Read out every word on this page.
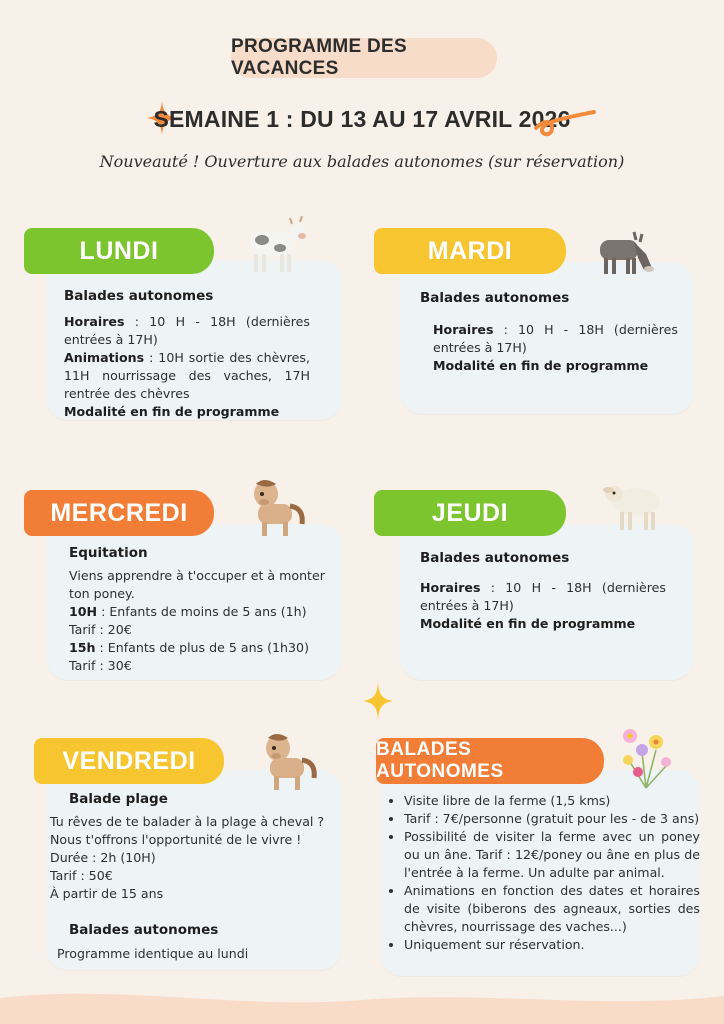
PROGRAMME DES VACANCES
SEMAINE 1 : DU 13 AU 17 AVRIL 2026
Nouveauté ! Ouverture aux balades autonomes (sur réservation)
LUNDI
Balades autonomes
Horaires : 10 H - 18H (dernières entrées à 17H)
Animations : 10H sortie des chèvres, 11H nourrissage des vaches, 17H rentrée des chèvres
Modalité en fin de programme
MARDI
Balades autonomes
Horaires : 10 H - 18H (dernières entrées à 17H)
Modalité en fin de programme
MERCREDI
Equitation
Viens apprendre à t'occuper et à monter ton poney.
10H : Enfants de moins de 5 ans (1h)
Tarif : 20€
15h : Enfants de plus de 5 ans (1h30)
Tarif : 30€
JEUDI
Balades autonomes
Horaires : 10 H - 18H (dernières entrées à 17H)
Modalité en fin de programme
VENDREDI
Balade plage
Tu rêves de te balader à la plage à cheval ?
Nous t'offrons l'opportunité de le vivre !
Durée : 2h (10H)
Tarif : 50€
À partir de 15 ans
Balades autonomes
Programme identique au lundi
BALADES AUTONOMES
• Visite libre de la ferme (1,5 kms)
• Tarif : 7€/personne (gratuit pour les - de 3 ans)
• Possibilité de visiter la ferme avec un poney ou un âne. Tarif : 12€/poney ou âne en plus de l'entrée à la ferme. Un adulte par animal.
• Animations en fonction des dates et horaires de visite (biberons des agneaux, sorties des chèvres, nourrissage des vaches...)
• Uniquement sur réservation.
